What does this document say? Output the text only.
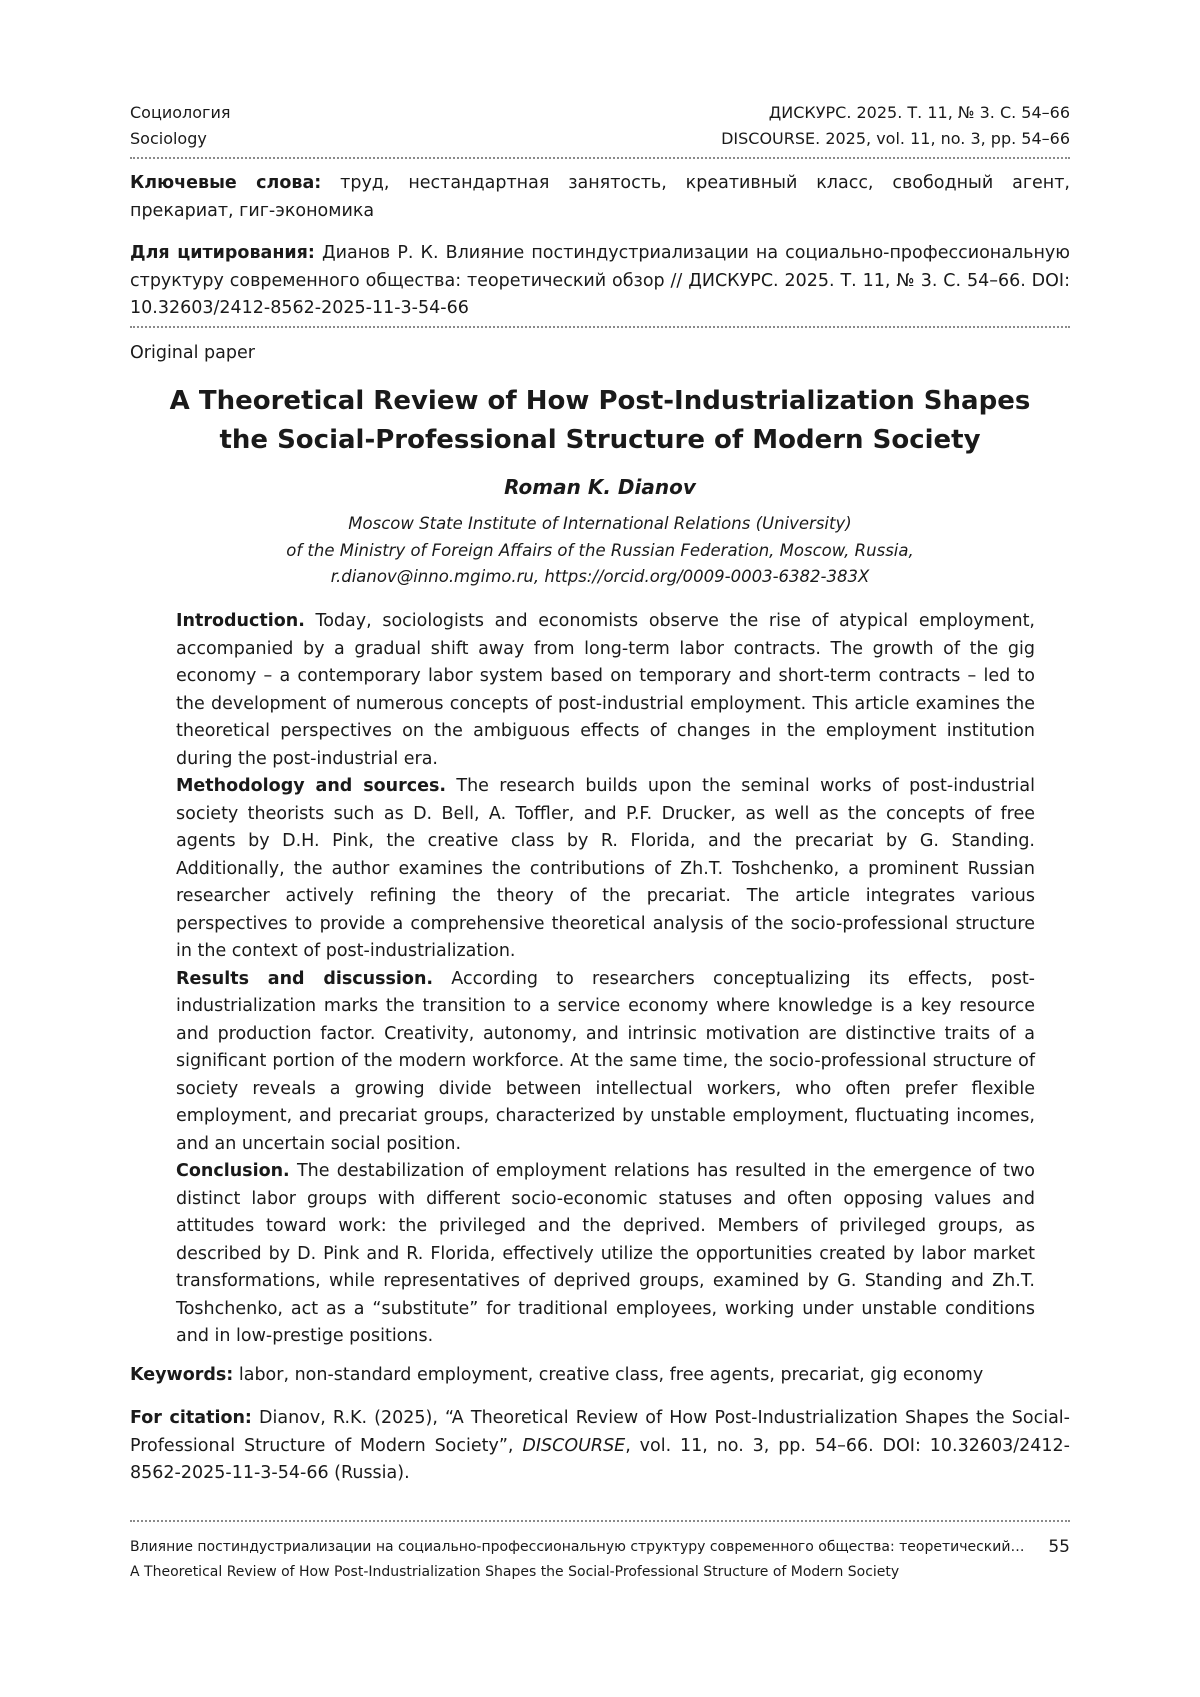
Социология
Sociology
ДИСКУРС. 2025. Т. 11, № 3. С. 54–66
DISCOURSE. 2025, vol. 11, no. 3, pp. 54–66
Ключевые слова: труд, нестандартная занятость, креативный класс, свободный агент, прекариат, гиг-экономика
Для цитирования: Дианов Р. К. Влияние постиндустриализации на социально-профессиональную структуру современного общества: теоретический обзор // ДИСКУРС. 2025. Т. 11, № 3. С. 54–66. DOI: 10.32603/2412-8562-2025-11-3-54-66
Original paper
A Theoretical Review of How Post-Industrialization Shapes
the Social-Professional Structure of Modern Society
Roman K. Dianov
Moscow State Institute of International Relations (University)
of the Ministry of Foreign Affairs of the Russian Federation, Moscow, Russia,
r.dianov@inno.mgimo.ru, https://orcid.org/0009-0003-6382-383X

Introduction. Today, sociologists and economists observe the rise of atypical employment, accompanied by a gradual shift away from long-term labor contracts. The growth of the gig economy – a contemporary labor system based on temporary and short-term contracts – led to the development of numerous concepts of post-industrial employment. This article examines the theoretical perspectives on the ambiguous effects of changes in the employment institution during the post-industrial era.

Methodology and sources. The research builds upon the seminal works of post-industrial society theorists such as D. Bell, A. Toffler, and P.F. Drucker, as well as the concepts of free agents by D.H. Pink, the creative class by R. Florida, and the precariat by G. Standing. Additionally, the author examines the contributions of Zh.T. Toshchenko, a prominent Russian researcher actively refining the theory of the precariat. The article integrates various perspectives to provide a comprehensive theoretical analysis of the socio-professional structure in the context of post-industrialization.

Results and discussion. According to researchers conceptualizing its effects, post-industrialization marks the transition to a service economy where knowledge is a key resource and production factor. Creativity, autonomy, and intrinsic motivation are distinctive traits of a significant portion of the modern workforce. At the same time, the socio-professional structure of society reveals a growing divide between intellectual workers, who often prefer flexible employment, and precariat groups, characterized by unstable employment, fluctuating incomes, and an uncertain social position.

Conclusion. The destabilization of employment relations has resulted in the emergence of two distinct labor groups with different socio-economic statuses and often opposing values and attitudes toward work: the privileged and the deprived. Members of privileged groups, as described by D. Pink and R. Florida, effectively utilize the opportunities created by labor market transformations, while representatives of deprived groups, examined by G. Standing and Zh.T. Toshchenko, act as a “substitute” for traditional employees, working under unstable conditions and in low-prestige positions.

Keywords: labor, non-standard employment, creative class, free agents, precariat, gig economy
For citation: Dianov, R.K. (2025), “A Theoretical Review of How Post-Industrialization Shapes the Social-Professional Structure of Modern Society”, DISCOURSE, vol. 11, no. 3, pp. 54–66. DOI: 10.32603/2412-8562-2025-11-3-54-66 (Russia).
Влияние постиндустриализации на социально-профессиональную структуру современного общества: теоретический…
A Theoretical Review of How Post-Industrialization Shapes the Social-Professional Structure of Modern Society
55
